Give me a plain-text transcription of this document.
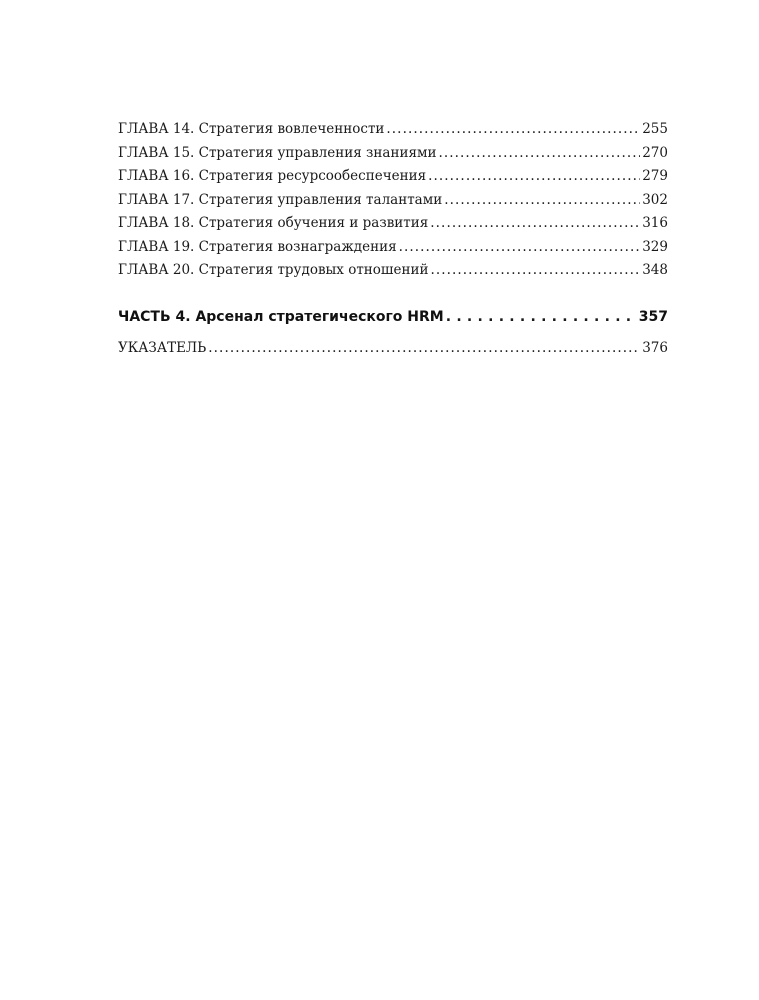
ГЛАВА 14. Стратегия вовлеченности . . .	255
ГЛАВА 15. Стратегия управления знаниями . . .	270
ГЛАВА 16. Стратегия ресурсообеспечения . . .	279
ГЛАВА 17. Стратегия управления талантами . . .	302
ГЛАВА 18. Стратегия обучения и развития . . .	316
ГЛАВА 19. Стратегия вознаграждения . . .	329
ГЛАВА 20. Стратегия трудовых отношений . . .	348
ЧАСТЬ 4. Арсенал стратегического HRM . . .	357
УКАЗАТЕЛЬ . . .	376
